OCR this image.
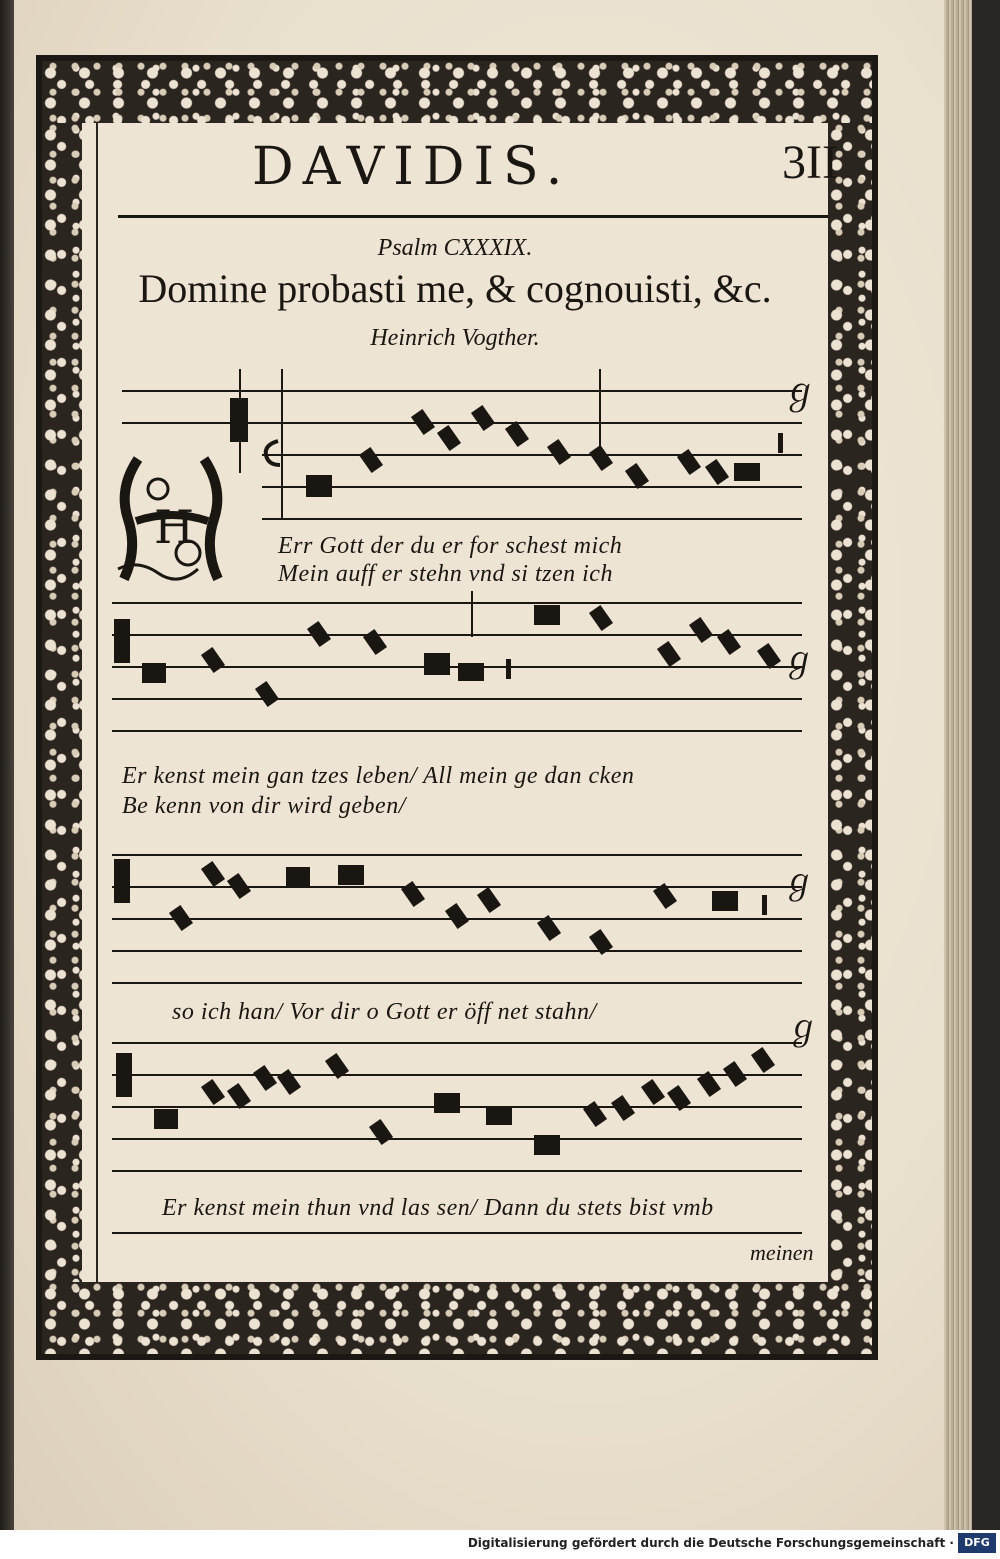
DAVIDIS.	3II
Psalm CXXXIX.
Domine probasti me, & cognouisti, &c.
Heinrich Vogther.
ℊ
ℊ
ℊ
ℊ
H	Err Gott der du er for schest mich
Mein auff er stehn vnd si tzen ich
Er kenst mein gan tzes leben/ All mein ge dan cken
Be kenn von dir wird geben/
so ich han/ Vor dir o Gott er öff net stahn/
Er kenst mein thun vnd las sen/ Dann du stets bist vmb
meinen
Digitalisierung gefördert durch die Deutsche Forschungsgemeinschaft · DFG
